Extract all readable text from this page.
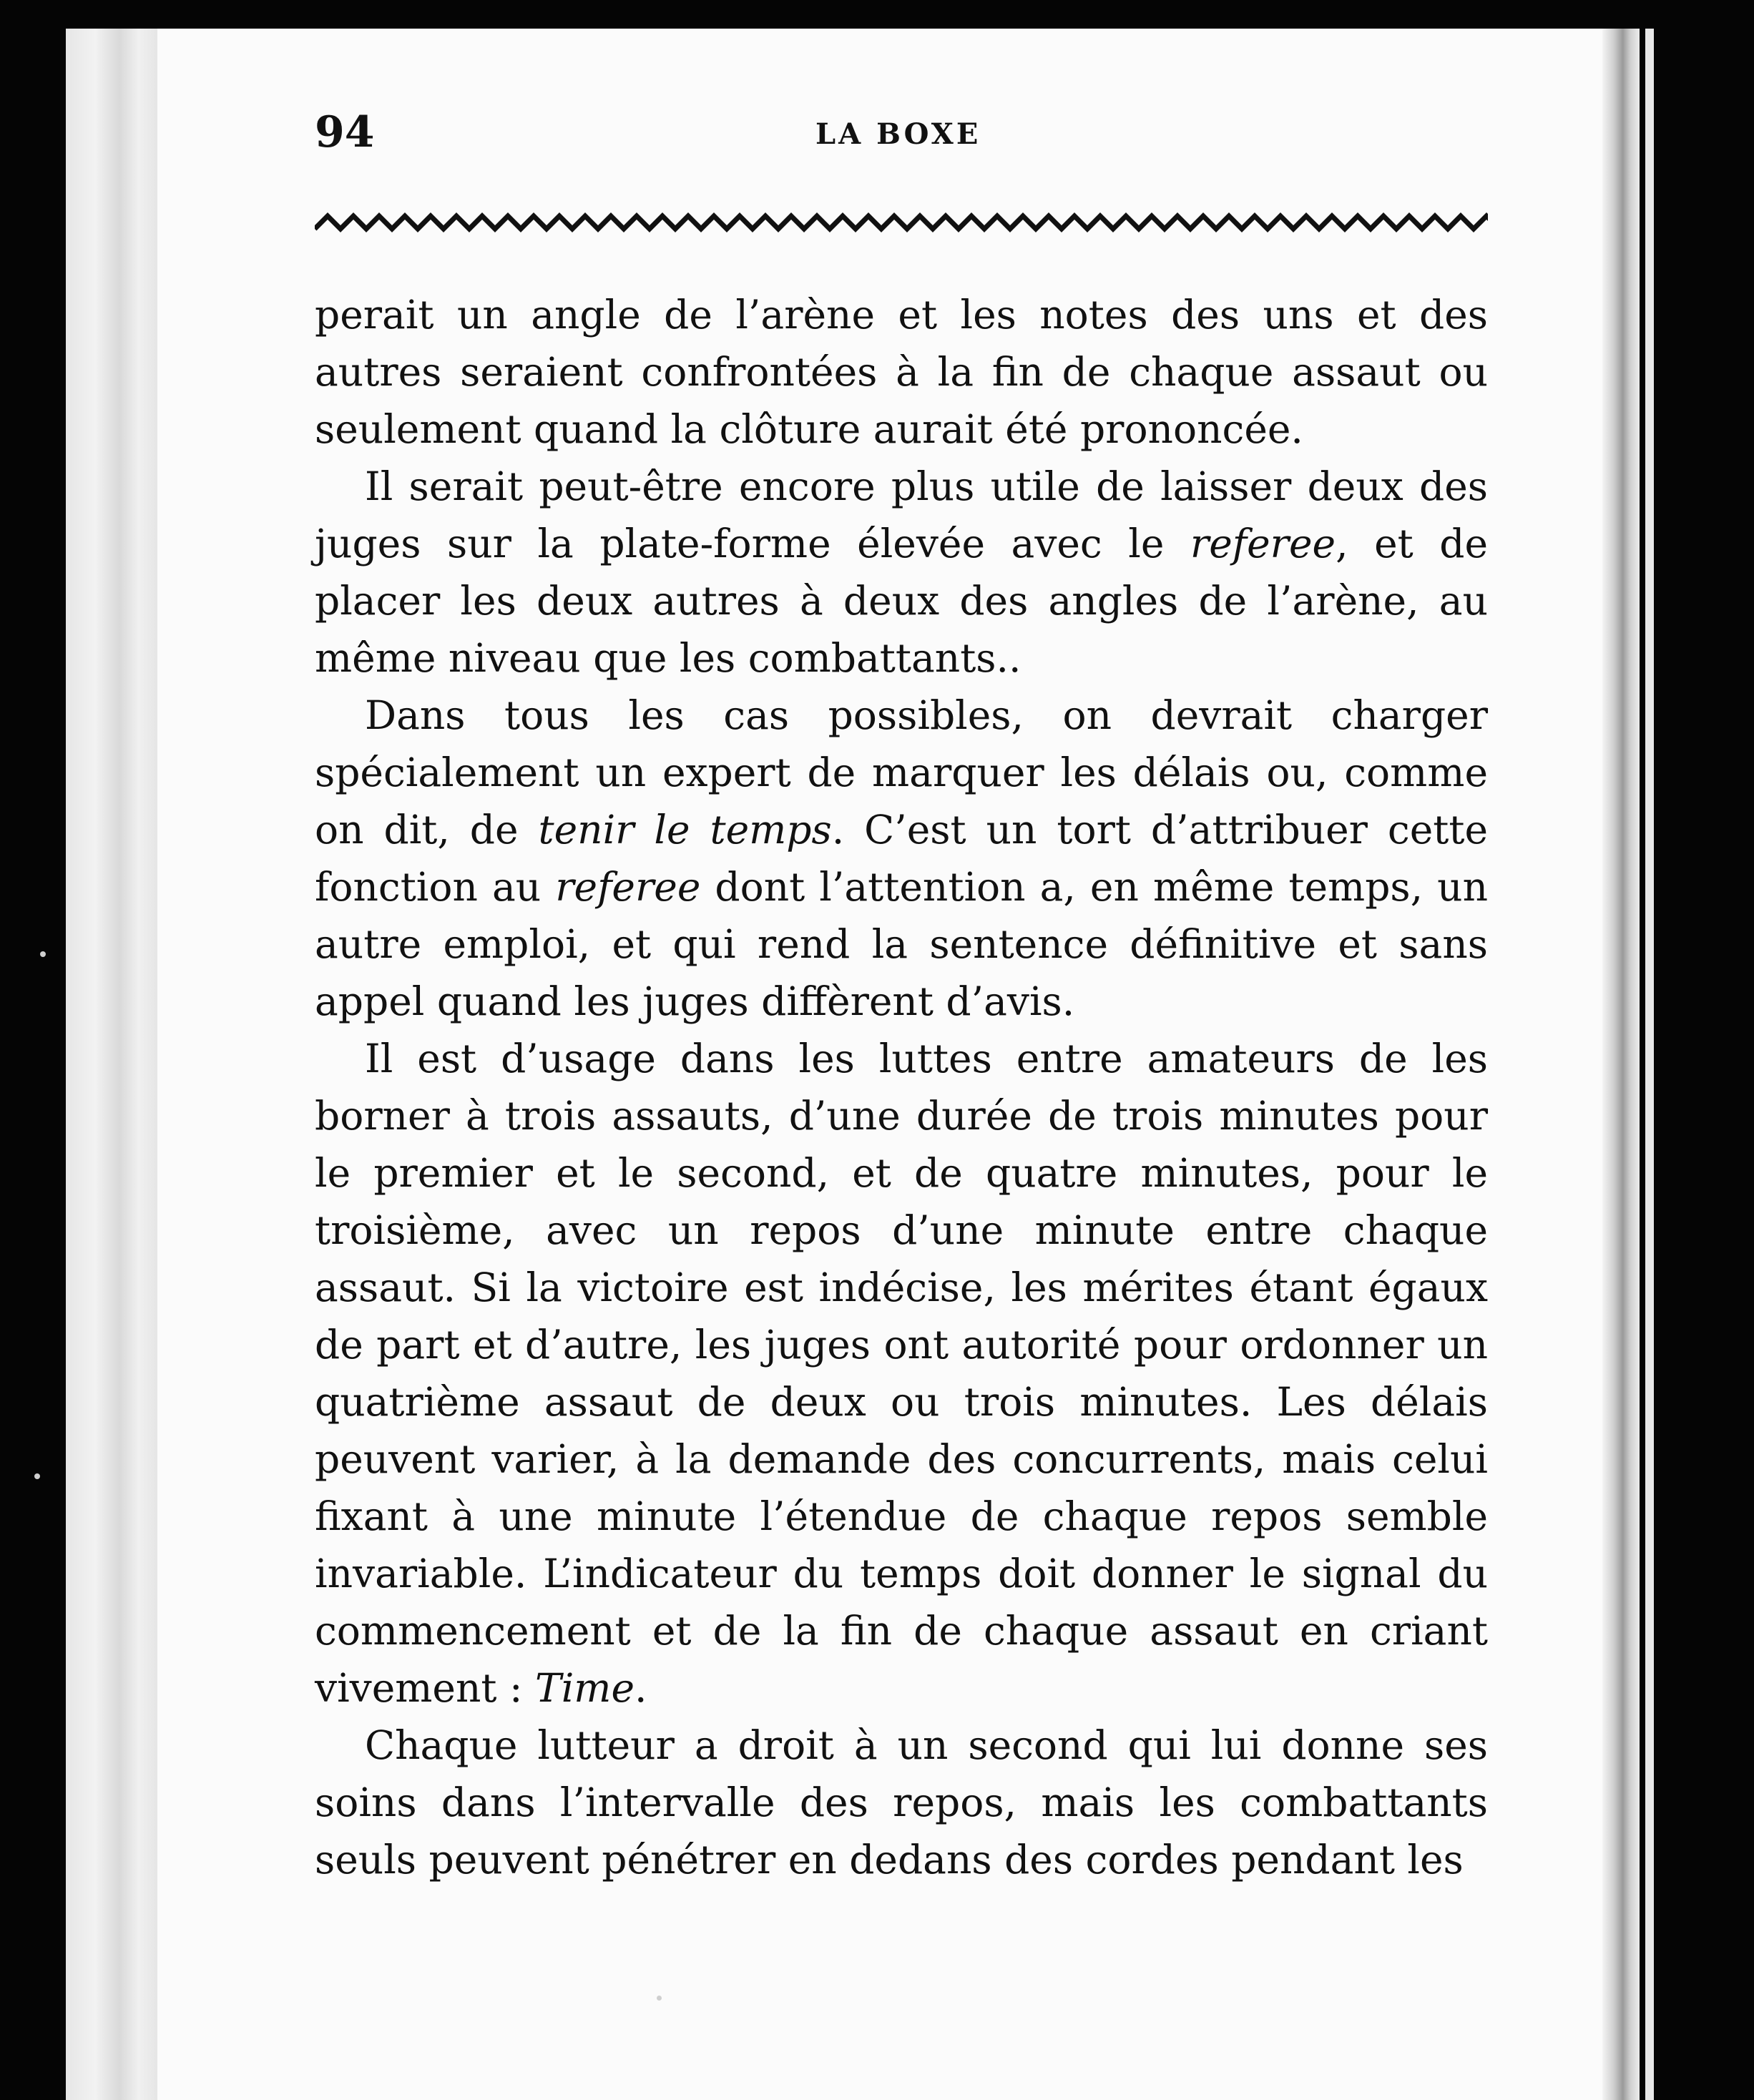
94	LA BOXE

perait un angle de l’arène et les notes des uns et des autres seraient confrontées à la fin de chaque assaut ou seulement quand la clôture aurait été prononcée.

Il serait peut-être encore plus utile de laisser deux des juges sur la plate-forme élevée avec le referee, et de placer les deux autres à deux des angles de l’arène, au même niveau que les combattants..

Dans tous les cas possibles, on devrait charger spécialement un expert de marquer les délais ou, comme on dit, de tenir le temps. C’est un tort d’attribuer cette fonction au referee dont l’attention a, en même temps, un autre emploi, et qui rend la sentence définitive et sans appel quand les juges diffèrent d’avis.

Il est d’usage dans les luttes entre amateurs de les borner à trois assauts, d’une durée de trois minutes pour le premier et le second, et de quatre minutes, pour le troisième, avec un repos d’une minute entre chaque assaut. Si la victoire est indécise, les mérites étant égaux de part et d’autre, les juges ont autorité pour ordonner un quatrième assaut de deux ou trois minutes. Les délais peuvent varier, à la demande des concurrents, mais celui fixant à une minute l’étendue de chaque repos semble invariable. L’indicateur du temps doit donner le signal du commencement et de la fin de chaque assaut en criant vivement : Time.

Chaque lutteur a droit à un second qui lui donne ses soins dans l’intervalle des repos, mais les combattants seuls peuvent pénétrer en dedans des cordes pendant les
